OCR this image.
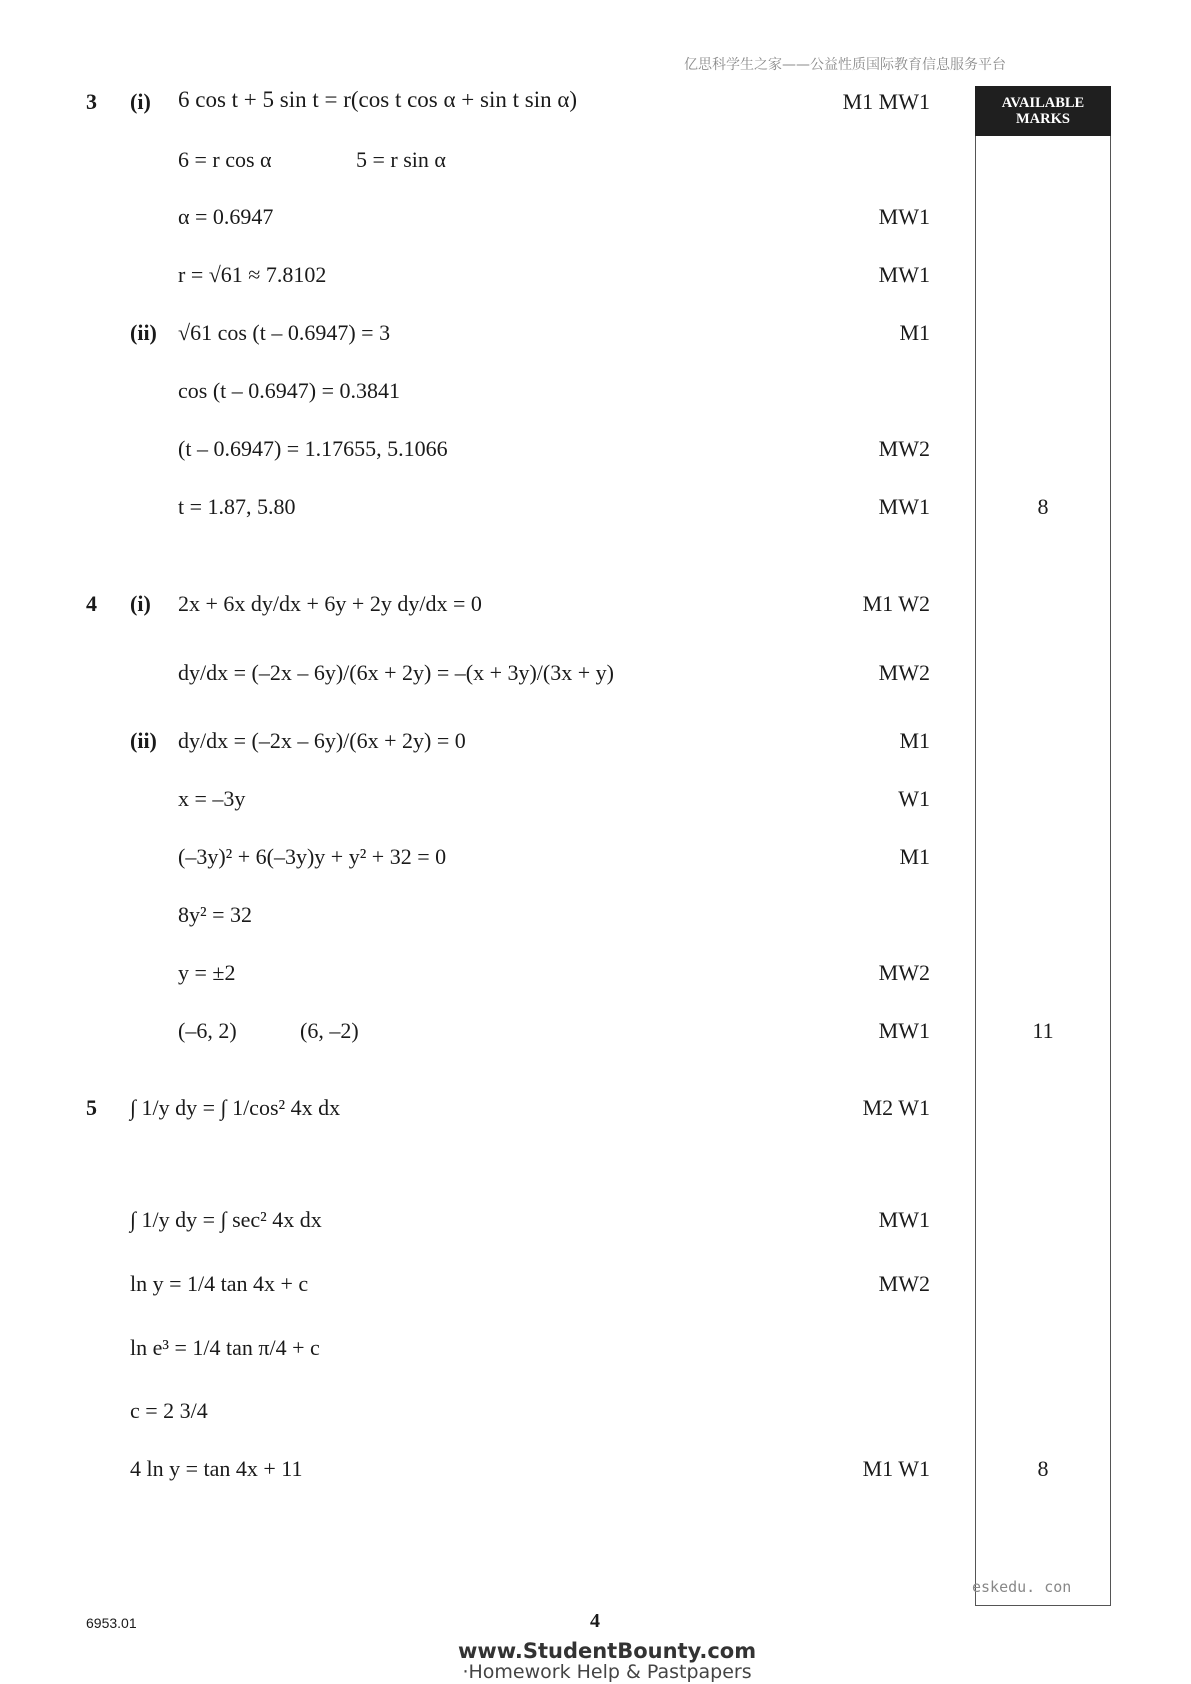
亿思科学生之家——公益性质国际教育信息服务平台
AVAILABLE
MARKS
3 (i) 6 cos t + 5 sin t = r(cos t cos α + sin t sin α)	M1 MW1
6 = r cos α	5 = r sin α
α = 0.6947	MW1
r = √61 ≈ 7.8102	MW1
(ii) √61 cos (t – 0.6947) = 3	M1
cos (t – 0.6947) = 0.3841
(t – 0.6947) = 1.17655, 5.1066	MW2
t = 1.87, 5.80	MW1	8
4 (i) 2x + 6x dy/dx + 6y + 2y dy/dx = 0	M1 W2
dy/dx = (–2x – 6y)/(6x + 2y) = –(x + 3y)/(3x + y)	MW2
(ii) dy/dx = (–2x – 6y)/(6x + 2y) = 0	M1
x = –3y	W1
(–3y)² + 6(–3y)y + y² + 32 = 0	M1
8y² = 32
y = ±2	MW2
(–6, 2)	(6, –2)	MW1	11
5 ∫ 1/y dy = ∫ 1/cos² 4x dx	M2 W1
∫ 1/y dy = ∫ sec² 4x dx	MW1
ln y = 1/4 tan 4x + c	MW2
ln e³ = 1/4 tan π/4 + c
c = 2 3/4
4 ln y = tan 4x + 11	M1 W1	8
eskedu. con
6953.01	4
www.StudentBounty.com
·Homework Help & Pastpapers
